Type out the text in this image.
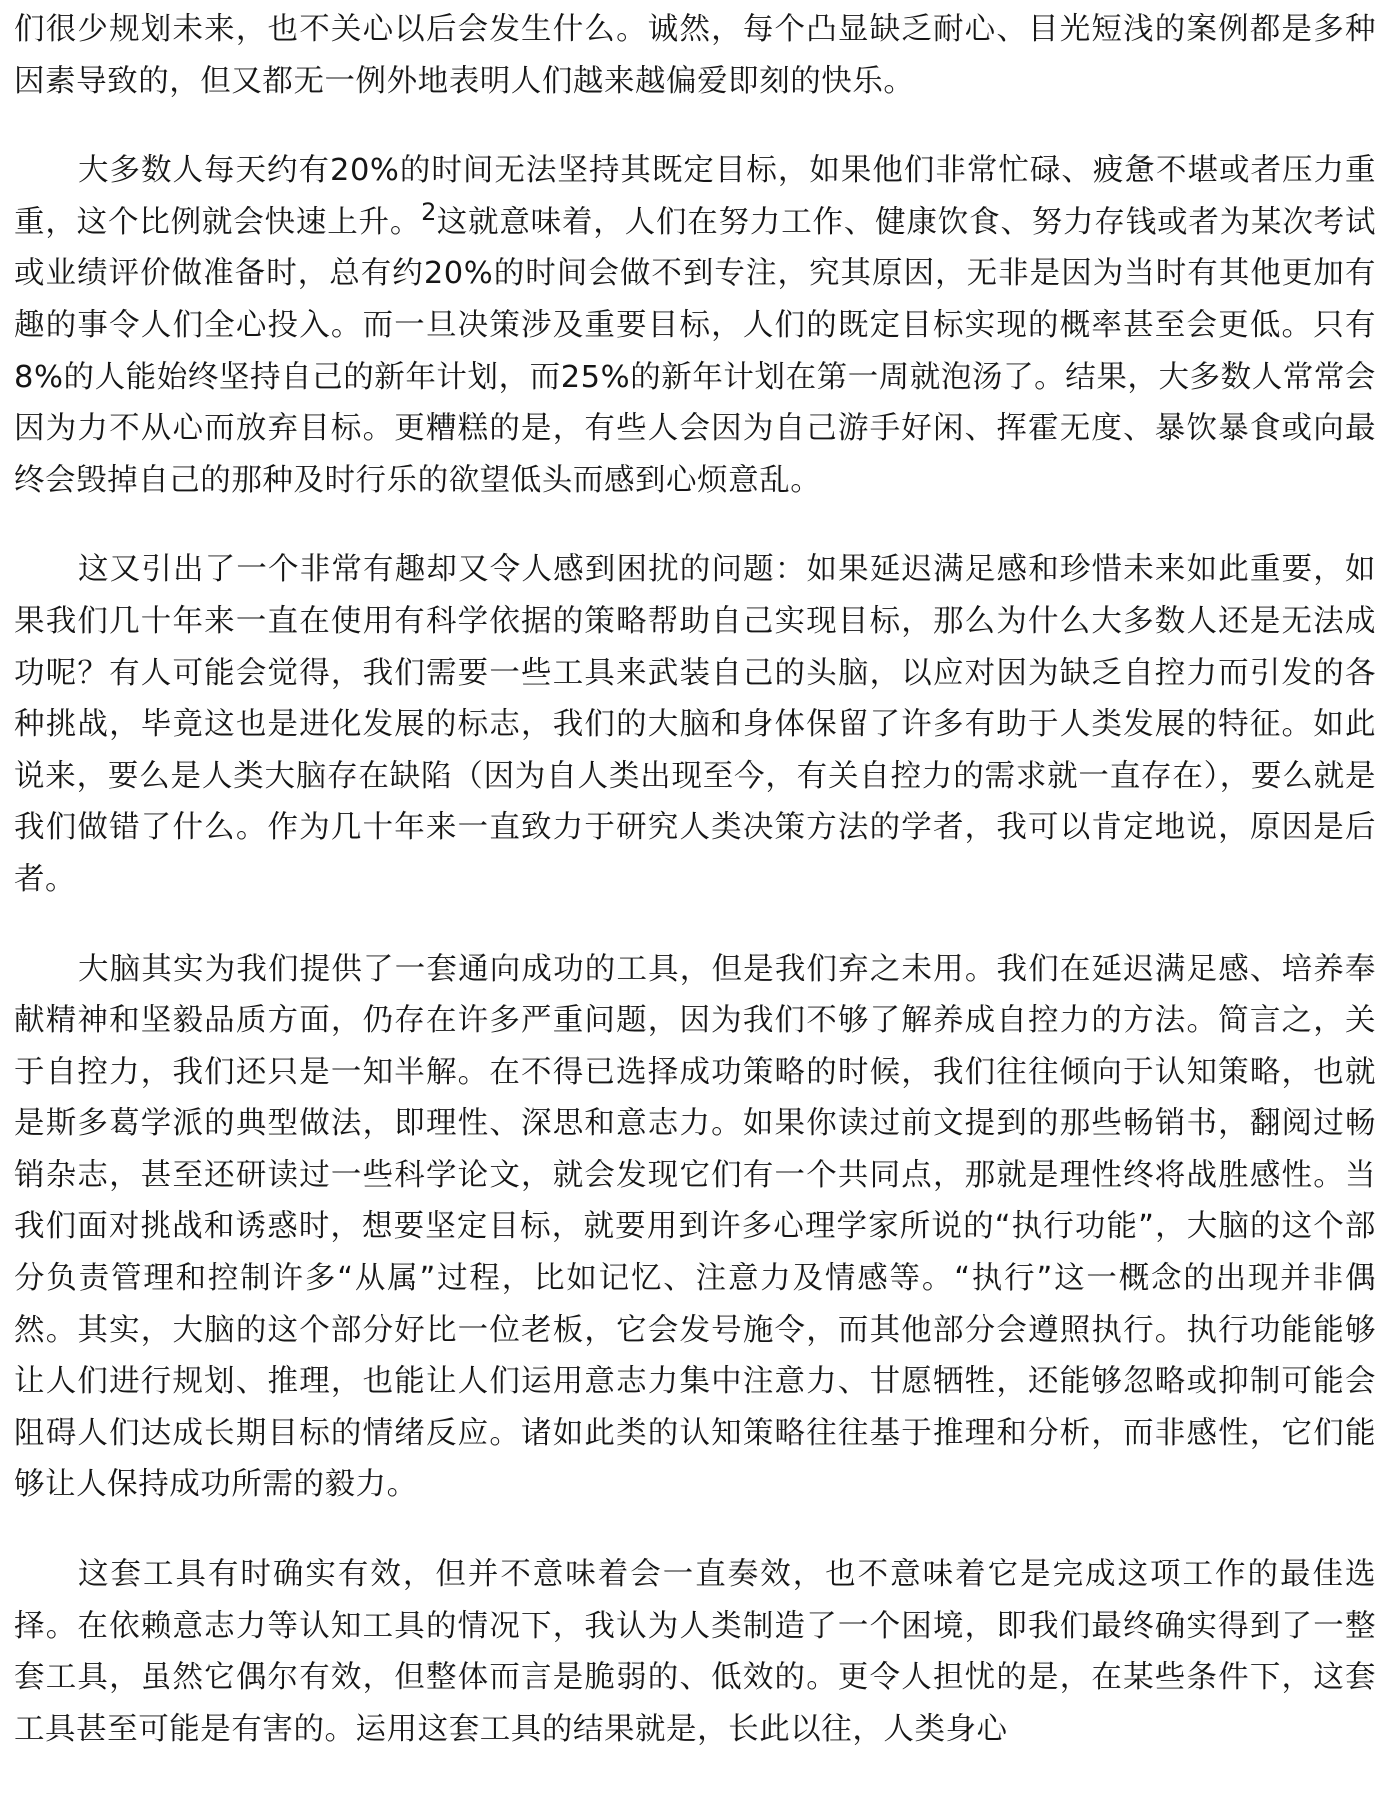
们很少规划未来，也不关心以后会发生什么。诚然，每个凸显缺乏耐心、目光短浅的案例都是多种因素导致的，但又都无一例外地表明人们越来越偏爱即刻的快乐。

大多数人每天约有20%的时间无法坚持其既定目标，如果他们非常忙碌、疲惫不堪或者压力重重，这个比例就会快速上升。$^2$这就意味着，人们在努力工作、健康饮食、努力存钱或者为某次考试或业绩评价做准备时，总有约20%的时间会做不到专注，究其原因，无非是因为当时有其他更加有趣的事令人们全心投入。而一旦决策涉及重要目标，人们的既定目标实现的概率甚至会更低。只有8%的人能始终坚持自己的新年计划，而25%的新年计划在第一周就泡汤了。结果，大多数人常常会因为力不从心而放弃目标。更糟糕的是，有些人会因为自己游手好闲、挥霍无度、暴饮暴食或向最终会毁掉自己的那种及时行乐的欲望低头而感到心烦意乱。

这又引出了一个非常有趣却又令人感到困扰的问题：如果延迟满足感和珍惜未来如此重要，如果我们几十年来一直在使用有科学依据的策略帮助自己实现目标，那么为什么大多数人还是无法成功呢？有人可能会觉得，我们需要一些工具来武装自己的头脑，以应对因为缺乏自控力而引发的各种挑战，毕竟这也是进化发展的标志，我们的大脑和身体保留了许多有助于人类发展的特征。如此说来，要么是人类大脑存在缺陷（因为自人类出现至今，有关自控力的需求就一直存在），要么就是我们做错了什么。作为几十年来一直致力于研究人类决策方法的学者，我可以肯定地说，原因是后者。

大脑其实为我们提供了一套通向成功的工具，但是我们弃之未用。我们在延迟满足感、培养奉献精神和坚毅品质方面，仍存在许多严重问题，因为我们不够了解养成自控力的方法。简言之，关于自控力，我们还只是一知半解。在不得已选择成功策略的时候，我们往往倾向于认知策略，也就是斯多葛学派的典型做法，即理性、深思和意志力。如果你读过前文提到的那些畅销书，翻阅过畅销杂志，甚至还研读过一些科学论文，就会发现它们有一个共同点，那就是理性终将战胜感性。当我们面对挑战和诱惑时，想要坚定目标，就要用到许多心理学家所说的“执行功能”，大脑的这个部分负责管理和控制许多“从属”过程，比如记忆、注意力及情感等。“执行”这一概念的出现并非偶然。其实，大脑的这个部分好比一位老板，它会发号施令，而其他部分会遵照执行。执行功能能够让人们进行规划、推理，也能让人们运用意志力集中注意力、甘愿牺牲，还能够忽略或抑制可能会阻碍人们达成长期目标的情绪反应。诸如此类的认知策略往往基于推理和分析，而非感性，它们能够让人保持成功所需的毅力。

这套工具有时确实有效，但并不意味着会一直奏效，也不意味着它是完成这项工作的最佳选择。在依赖意志力等认知工具的情况下，我认为人类制造了一个困境，即我们最终确实得到了一整套工具，虽然它偶尔有效，但整体而言是脆弱的、低效的。更令人担忧的是，在某些条件下，这套工具甚至可能是有害的。运用这套工具的结果就是，长此以往，人类身心
